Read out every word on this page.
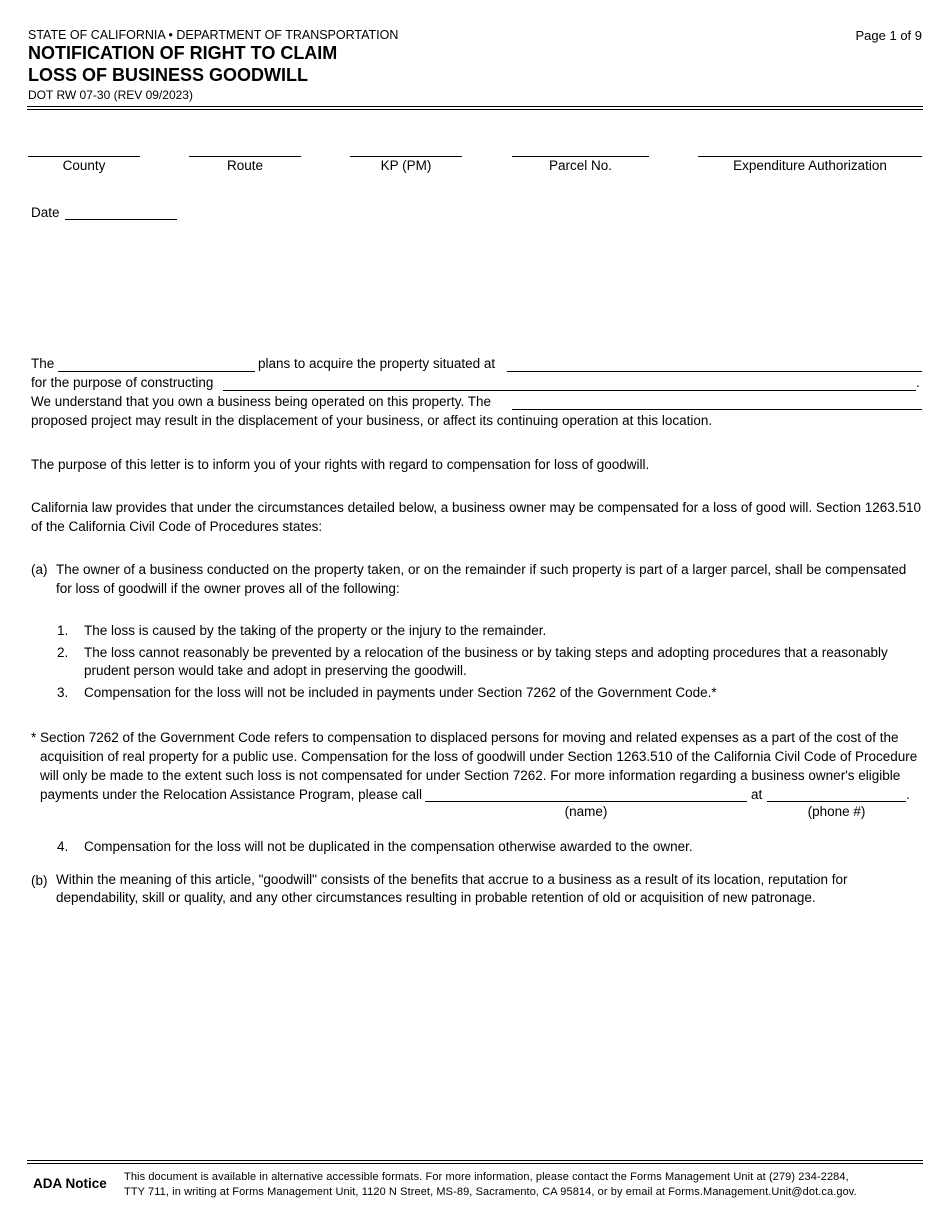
STATE OF CALIFORNIA • DEPARTMENT OF TRANSPORTATION	Page 1 of 9
NOTIFICATION OF RIGHT TO CLAIM
LOSS OF BUSINESS GOODWILL
DOT RW 07-30 (REV 09/2023)
County	Route	KP (PM)	Parcel No.	Expenditure Authorization
Date
The	plans to acquire the property situated at
for the purpose of constructing	.
We understand that you own a business being operated on this property. The
proposed project may result in the displacement of your business, or affect its continuing operation at this location.
The purpose of this letter is to inform you of your rights with regard to compensation for loss of goodwill.
California law provides that under the circumstances detailed below, a business owner may be compensated for a loss of good will. Section 1263.510 of the California Civil Code of Procedures states:
(a) The owner of a business conducted on the property taken, or on the remainder if such property is part of a larger parcel, shall be compensated for loss of goodwill if the owner proves all of the following:
1. The loss is caused by the taking of the property or the injury to the remainder.
2. The loss cannot reasonably be prevented by a relocation of the business or by taking steps and adopting procedures that a reasonably prudent person would take and adopt in preserving the goodwill.
3. Compensation for the loss will not be included in payments under Section 7262 of the Government Code.*
* Section 7262 of the Government Code refers to compensation to displaced persons for moving and related expenses as a part of the cost of the acquisition of real property for a public use. Compensation for the loss of goodwill under Section 1263.510 of the California Civil Code of Procedure will only be made to the extent such loss is not compensated for under Section 7262. For more information regarding a business owner's eligible
payments under the Relocation Assistance Program, please call	at	.
(name)	(phone #)
4. Compensation for the loss will not be duplicated in the compensation otherwise awarded to the owner.
(b) Within the meaning of this article, "goodwill" consists of the benefits that accrue to a business as a result of its location, reputation for dependability, skill or quality, and any other circumstances resulting in probable retention of old or acquisition of new patronage.
ADA Notice This document is available in alternative accessible formats. For more information, please contact the Forms Management Unit at (279) 234-2284,
TTY 711, in writing at Forms Management Unit, 1120 N Street, MS-89, Sacramento, CA 95814, or by email at Forms.Management.Unit@dot.ca.gov.
